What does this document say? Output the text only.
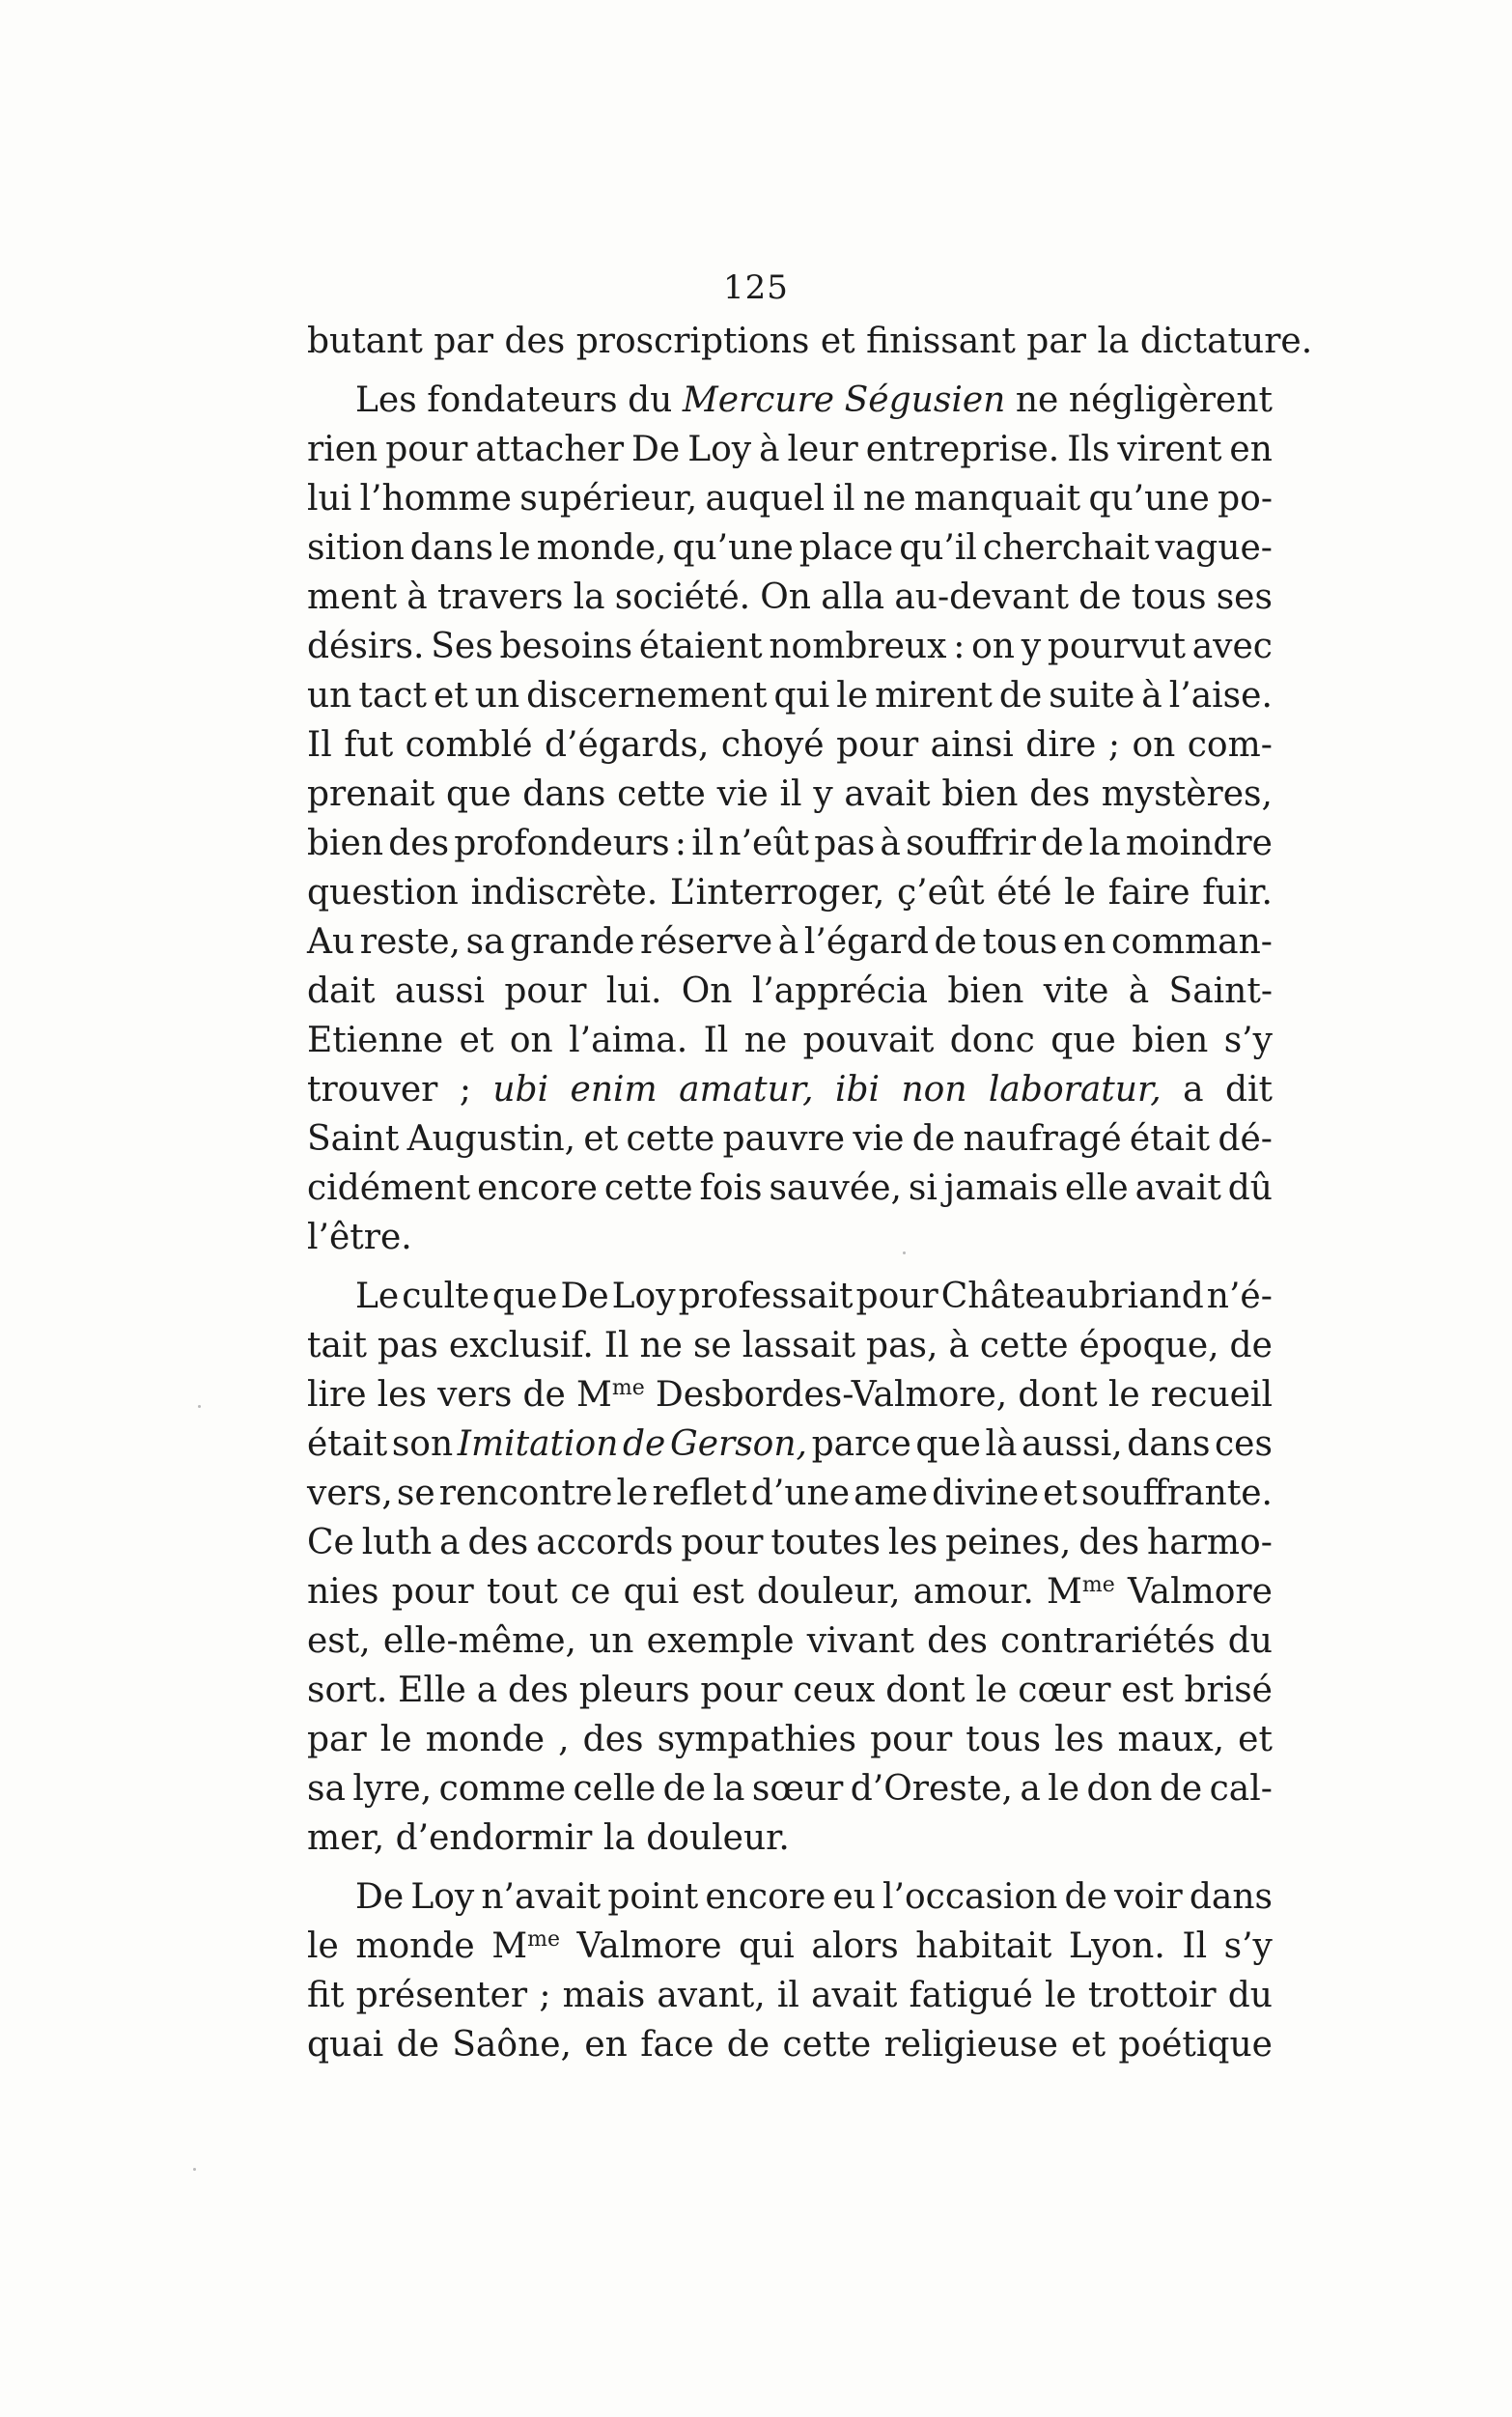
125
butant
par
des
proscriptions
et
finissant
par
la
dictature.
Les fondateurs du Mercure Ségusien ne négligèrent
rien pour attacher De Loy à leur entreprise. Ils virent en
lui l’homme supérieur, auquel il ne manquait qu’une po-
sition dans le monde, qu’une place qu’il cherchait vague-
ment à travers la société. On alla au-devant de tous ses
désirs. Ses besoins étaient nombreux : on y pourvut avec
un tact et un discernement qui le mirent de suite à l’aise.
Il fut comblé d’égards, choyé pour ainsi dire ; on com-
prenait que dans cette vie il y avait bien des mystères,
bien des profondeurs : il n’eût pas à souffrir de la moindre
question indiscrète. L’interroger, ç’eût été le faire fuir.
Au reste, sa grande réserve à l’égard de tous en comman-
dait aussi pour lui. On l’apprécia bien vite à Saint-
Etienne et on l’aima. Il ne pouvait donc que bien s’y
trouver ; ubi enim amatur, ibi non laboratur, a dit
Saint Augustin, et cette pauvre vie de naufragé était dé-
cidément encore cette fois sauvée, si jamais elle avait dû
l’être.
Le culte que De Loy professait pour Châteaubriand n’é-
tait pas exclusif. Il ne se lassait pas, à cette époque, de
lire les vers de $M^{me}$ Desbordes-Valmore, dont le recueil
était son Imitation de Gerson, parce que là aussi, dans ces
vers, se rencontre le reflet d’une ame divine et souffrante.
Ce luth a des accords pour toutes les peines, des harmo-
nies pour tout ce qui est douleur, amour. $M^{me}$ Valmore
est, elle-même, un exemple vivant des contrariétés du
sort. Elle a des pleurs pour ceux dont le cœur est brisé
par le monde , des sympathies pour tous les maux, et
sa lyre, comme celle de la sœur d’Oreste, a le don de cal-
mer,
d’endormir
la
douleur.
De Loy n’avait point encore eu l’occasion de voir dans
le monde $M^{me}$ Valmore qui alors habitait Lyon. Il s’y
fit présenter ; mais avant, il avait fatigué le trottoir du
quai de Saône, en face de cette religieuse et poétique
